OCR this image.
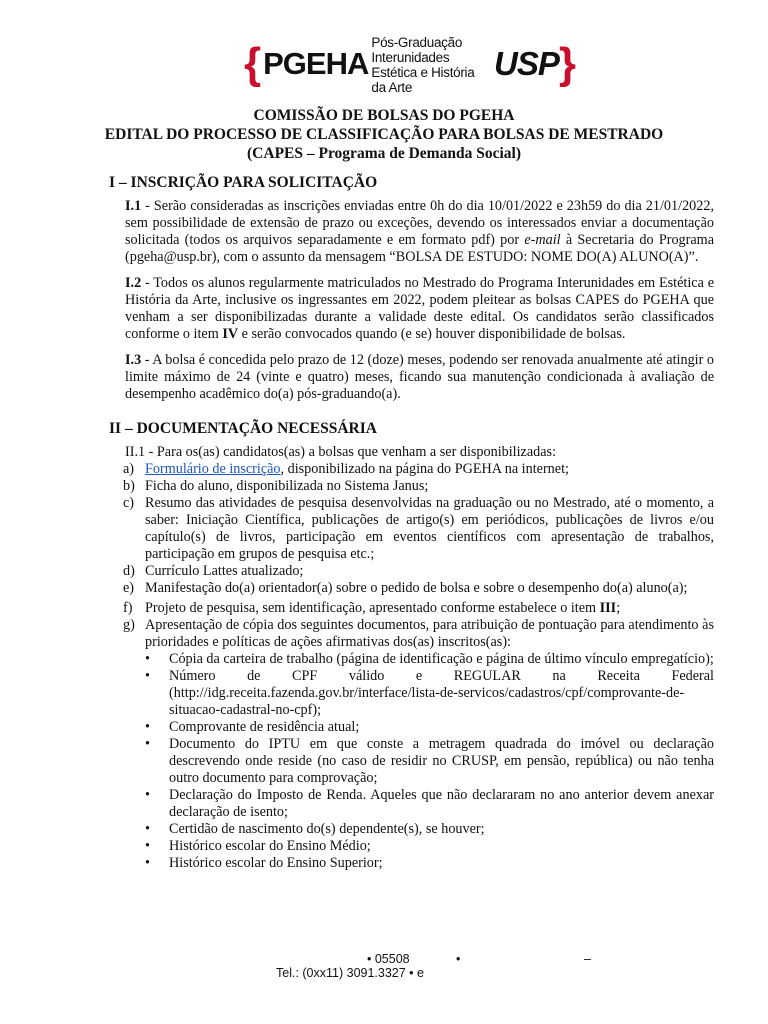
{ PGEHA
Pós-Graduação Interunidades
Estética e História da Arte
USP }
COMISSÃO DE BOLSAS DO PGEHA
EDITAL DO PROCESSO DE CLASSIFICAÇÃO PARA BOLSAS DE MESTRADO
(CAPES – Programa de Demanda Social)
I – INSCRIÇÃO PARA SOLICITAÇÃO

I.1 - Serão consideradas as inscrições enviadas entre 0h do dia 10/01/2022 e 23h59 do dia 21/01/2022, sem possibilidade de extensão de prazo ou exceções, devendo os interessados enviar a documentação solicitada (todos os arquivos separadamente e em formato pdf) por e-mail à Secretaria do Programa (pgeha@usp.br), com o assunto da mensagem “BOLSA DE ESTUDO: NOME DO(A) ALUNO(A)”.

I.2 - Todos os alunos regularmente matriculados no Mestrado do Programa Interunidades em Estética e História da Arte, inclusive os ingressantes em 2022, podem pleitear as bolsas CAPES do PGEHA que venham a ser disponibilizadas durante a validade deste edital. Os candidatos serão classificados conforme o item IV e serão convocados quando (e se) houver disponibilidade de bolsas.

I.3 - A bolsa é concedida pelo prazo de 12 (doze) meses, podendo ser renovada anualmente até atingir o limite máximo de 24 (vinte e quatro) meses, ficando sua manutenção condicionada à avaliação de desempenho acadêmico do(a) pós-graduando(a).

II – DOCUMENTAÇÃO NECESSÁRIA
II.1 - Para os(as) candidatos(as) a bolsas que venham a ser disponibilizadas:
a) Formulário de inscrição, disponibilizado na página do PGEHA na internet;
b) Ficha do aluno, disponibilizada no Sistema Janus;
c) Resumo das atividades de pesquisa desenvolvidas na graduação ou no Mestrado, até o momento, a saber: Iniciação Científica, publicações de artigo(s) em periódicos, publicações de livros e/ou capítulo(s) de livros, participação em eventos científicos com apresentação de trabalhos, participação em grupos de pesquisa etc.;
d) Currículo Lattes atualizado;
e) Manifestação do(a) orientador(a) sobre o pedido de bolsa e sobre o desempenho do(a) aluno(a);
f) Projeto de pesquisa, sem identificação, apresentado conforme estabelece o item III;
g) Apresentação de cópia dos seguintes documentos, para atribuição de pontuação para atendimento às prioridades e políticas de ações afirmativas dos(as) inscritos(as):
•	Cópia da carteira de trabalho (página de identificação e página de último vínculo empregatício);
•	Número de CPF válido e REGULAR na Receita Federal (http://idg.receita.fazenda.gov.br/interface/lista-de-servicos/cadastros/cpf/comprovante-de-situacao-cadastral-no-cpf);
•	Comprovante de residência atual;
•	Documento do IPTU em que conste a metragem quadrada do imóvel ou declaração descrevendo onde reside (no caso de residir no CRUSP, em pensão, república) ou não tenha outro documento para comprovação;
•	Declaração do Imposto de Renda. Aqueles que não declararam no ano anterior devem anexar declaração de isento;
•	Certidão de nascimento do(s) dependente(s), se houver;
•	Histórico escolar do Ensino Médio;
•	Histórico escolar do Ensino Superior;
• 05508	•	–
Tel.: (0xx11) 3091.3327 • e
